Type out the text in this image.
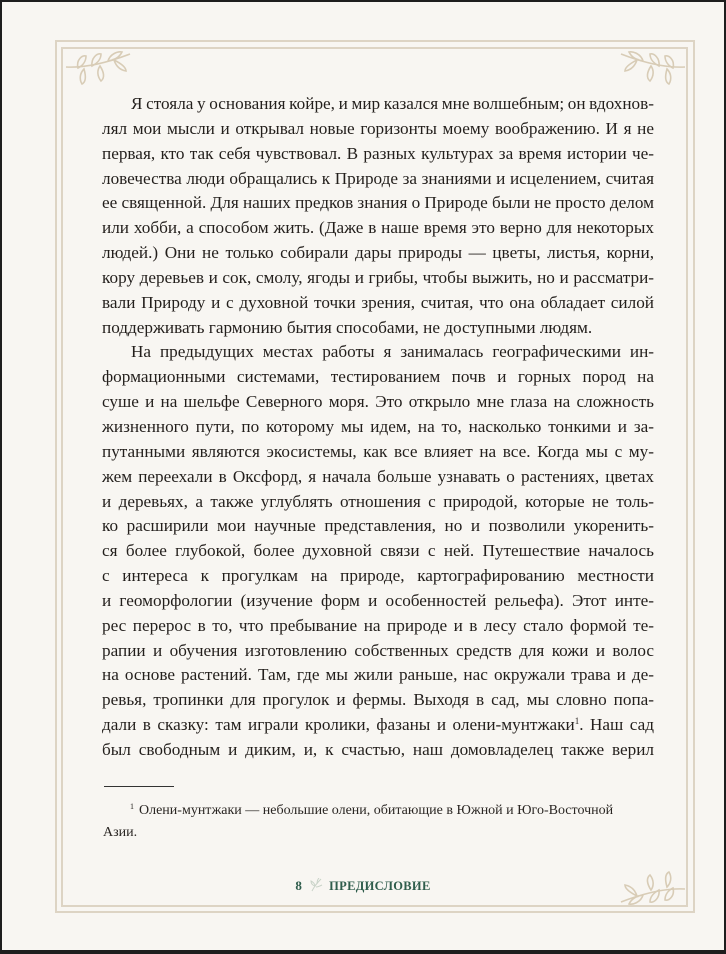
Я стояла у основания койре, и мир казался мне волшебным; он вдохнов-
лял мои мысли и открывал новые горизонты моему воображению. И я не
первая, кто так себя чувствовал. В разных культурах за время истории че-
ловечества люди обращались к Природе за знаниями и исцелением, считая
ее священной. Для наших предков знания о Природе были не просто делом
или хобби, а способом жить. (Даже в наше время это верно для некоторых
людей.) Они не только собирали дары природы — цветы, листья, корни,
кору деревьев и сок, смолу, ягоды и грибы, чтобы выжить, но и рассматри-
вали Природу и с духовной точки зрения, считая, что она обладает силой
поддерживать гармонию бытия способами, не доступными людям.
На предыдущих местах работы я занималась географическими ин-
формационными системами, тестированием почв и горных пород на
суше и на шельфе Северного моря. Это открыло мне глаза на сложность
жизненного пути, по которому мы идем, на то, насколько тонкими и за-
путанными являются экосистемы, как все влияет на все. Когда мы с му-
жем переехали в Оксфорд, я начала больше узнавать о растениях, цветах
и деревьях, а также углублять отношения с природой, которые не толь-
ко расширили мои научные представления, но и позволили укоренить-
ся более глубокой, более духовной связи с ней. Путешествие началось
с интереса к прогулкам на природе, картографированию местности
и геоморфологии (изучение форм и особенностей рельефа). Этот инте-
рес перерос в то, что пребывание на природе и в лесу стало формой те-
рапии и обучения изготовлению собственных средств для кожи и волос
на основе растений. Там, где мы жили раньше, нас окружали трава и де-
ревья, тропинки для прогулок и фермы. Выходя в сад, мы словно попа-
дали в сказку: там играли кролики, фазаны и олени-мунтжаки$^1$. Наш сад
был свободным и диким, и, к счастью, наш домовладелец также верил
$^1$ Олени-мунтжаки — небольшие олени, обитающие в Южной и Юго-Восточной
Азии.
8 ПРЕДИСЛОВИЕ
